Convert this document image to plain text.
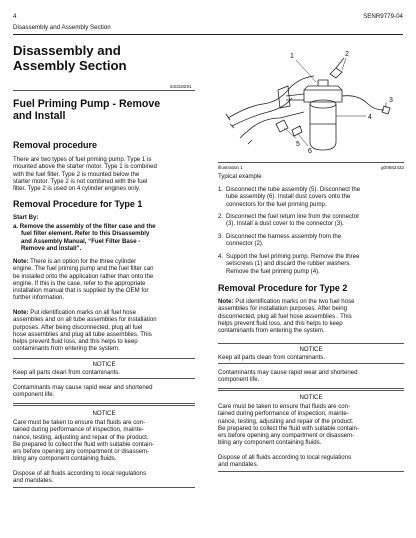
4	SENR9779-04
Disassembly and Assembly Section
Disassembly and
Assembly Section
i02318291
Fuel Priming Pump - Remove
and Install
Removal procedure
There are two types of fuel priming pump. Type 1 is
mounted above the starter motor. Type 1 is combined
with the fuel filter. Type 2 is mounted below the
starter motor. Type 2 is not combined with the fuel
filter. Type 2 is used on 4 cylinder engines only.
Removal Procedure for Type 1
Start By:
a. Remove the assembly of the filter case and the
fuel filter element. Refer to this Disassembly
and Assembly Manual, “Fuel Filter Base -
Remove and Install”.
Note: There is an option for the three cylinder
engine. The fuel priming pump and the fuel filter can
be installed onto the application rather than onto the
engine. If this is the case, refer to the appropriate
installation manual that is supplied by the OEM for
further information.
Note: Put identification marks on all fuel hose
assemblies and on all tube assemblies for installation
purposes. After being disconnected, plug all fuel
hose assemblies and plug all tube assemblies. This
helps prevent fluid loss, and this helps to keep
contaminants from entering the system.
NOTICE
Keep all parts clean from contaminants.
Contaminants may cause rapid wear and shortened
component life.
NOTICE
Care must be taken to ensure that fluids are con-
tained during performance of inspection, mainte-
nance, testing, adjusting and repair of the product.
Be prepared to collect the fluid with suitable contain-
ers before opening any compartment or disassem-
bling any component containing fluids.
Dispose of all fluids according to local regulations
and mandates.
1	2
3
4
5
6
Illustration 1	g00682432
Typical example
1. Disconnect the tube assembly (5). Disconnect the
tube assembly (6). Install dust covers onto the
connectors for the fuel priming pump.
2. Disconnect the fuel return line from the connector
(3). Install a dust cover to the connector (3).
3. Disconnect the harness assembly from the
connector (2).
4. Support the fuel priming pump. Remove the three
setscrews (1) and discard the rubber washers.
Remove the fuel priming pump (4).
Removal Procedure for Type 2
Note: Put identification marks on the two fuel hose
assemblies for installation purposes. After being
disconnected, plug all fuel hose assemblies . This
helps prevent fluid loss, and this helps to keep
contaminants from entering the system.
NOTICE
Keep all parts clean from contaminants.
Contaminants may cause rapid wear and shortened
component life.
NOTICE
Care must be taken to ensure that fluids are con-
tained during performance of inspection, mainte-
nance, testing, adjusting and repair of the product.
Be prepared to collect the fluid with suitable contain-
ers before opening any compartment or disassem-
bling any component containing fluids.
Dispose of all fluids according to local regulations
and mandates.
